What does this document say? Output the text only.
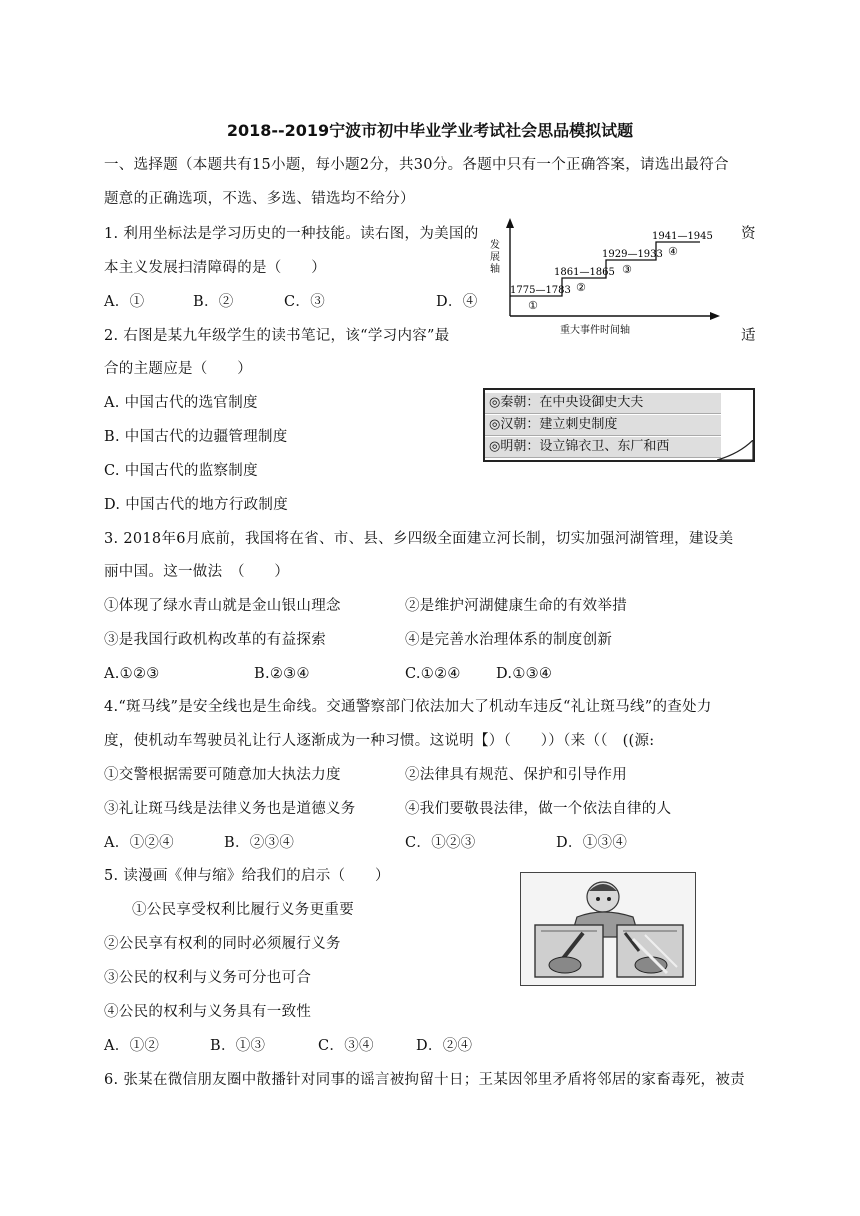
2018--2019宁波市初中毕业学业考试社会思品模拟试题
一、选择题（本题共有15小题，每小题2分，共30分。各题中只有一个正确答案，请选出最符合
题意的正确选项，不选、多选、错选均不给分）
1. 利用坐标法是学习历史的一种技能。读右图，为美国的	资
本主义发展扫清障碍的是（　　）
A．①	B．②	C．③	D．④
发
展
轴
1775—1783
①
1861—1865
②
1929—1933
③
1941—1945
④
重大事件时间轴
2. 右图是某九年级学生的读书笔记，该“学习内容”最	适
合的主题应是（　　）
A. 中国古代的选官制度
B. 中国古代的边疆管理制度
C. 中国古代的监察制度
D. 中国古代的地方行政制度
◎秦朝：在中央设御史大夫
◎汉朝：建立刺史制度
◎明朝：设立锦衣卫、东厂和西
3. 2018年6月底前，我国将在省、市、县、乡四级全面建立河长制，切实加强河湖管理，建设美
丽中国。这一做法　（　　）
①体现了绿水青山就是金山银山理念	②是维护河湖健康生命的有效举措
③是我国行政机构改革的有益探索	④是完善水治理体系的制度创新
A.①②③	B.②③④	C.①②④ D.①③④
4.“斑马线”是安全线也是生命线。交通警察部门依法加大了机动车违反“礼让斑马线”的查处力
度，使机动车驾驶员礼让行人逐渐成为一种习惯。这说明【）（　　））（来（（　((源:
①交警根据需要可随意加大执法力度	②法律具有规范、保护和引导作用
③礼让斑马线是法律义务也是道德义务	④我们要敬畏法律，做一个依法自律的人
A．①②④	B．②③④	C．①②③	D．①③④
5. 读漫画《伸与缩》给我们的启示（　　）
①公民享受权利比履行义务更重要
②公民享有权利的同时必须履行义务
③公民的权利与义务可分也可合
④公民的权利与义务具有一致性
A．①②	B．①③	C．③④	D．②④
6. 张某在微信朋友圈中散播针对同事的谣言被拘留十日；王某因邻里矛盾将邻居的家畜毒死，被责
